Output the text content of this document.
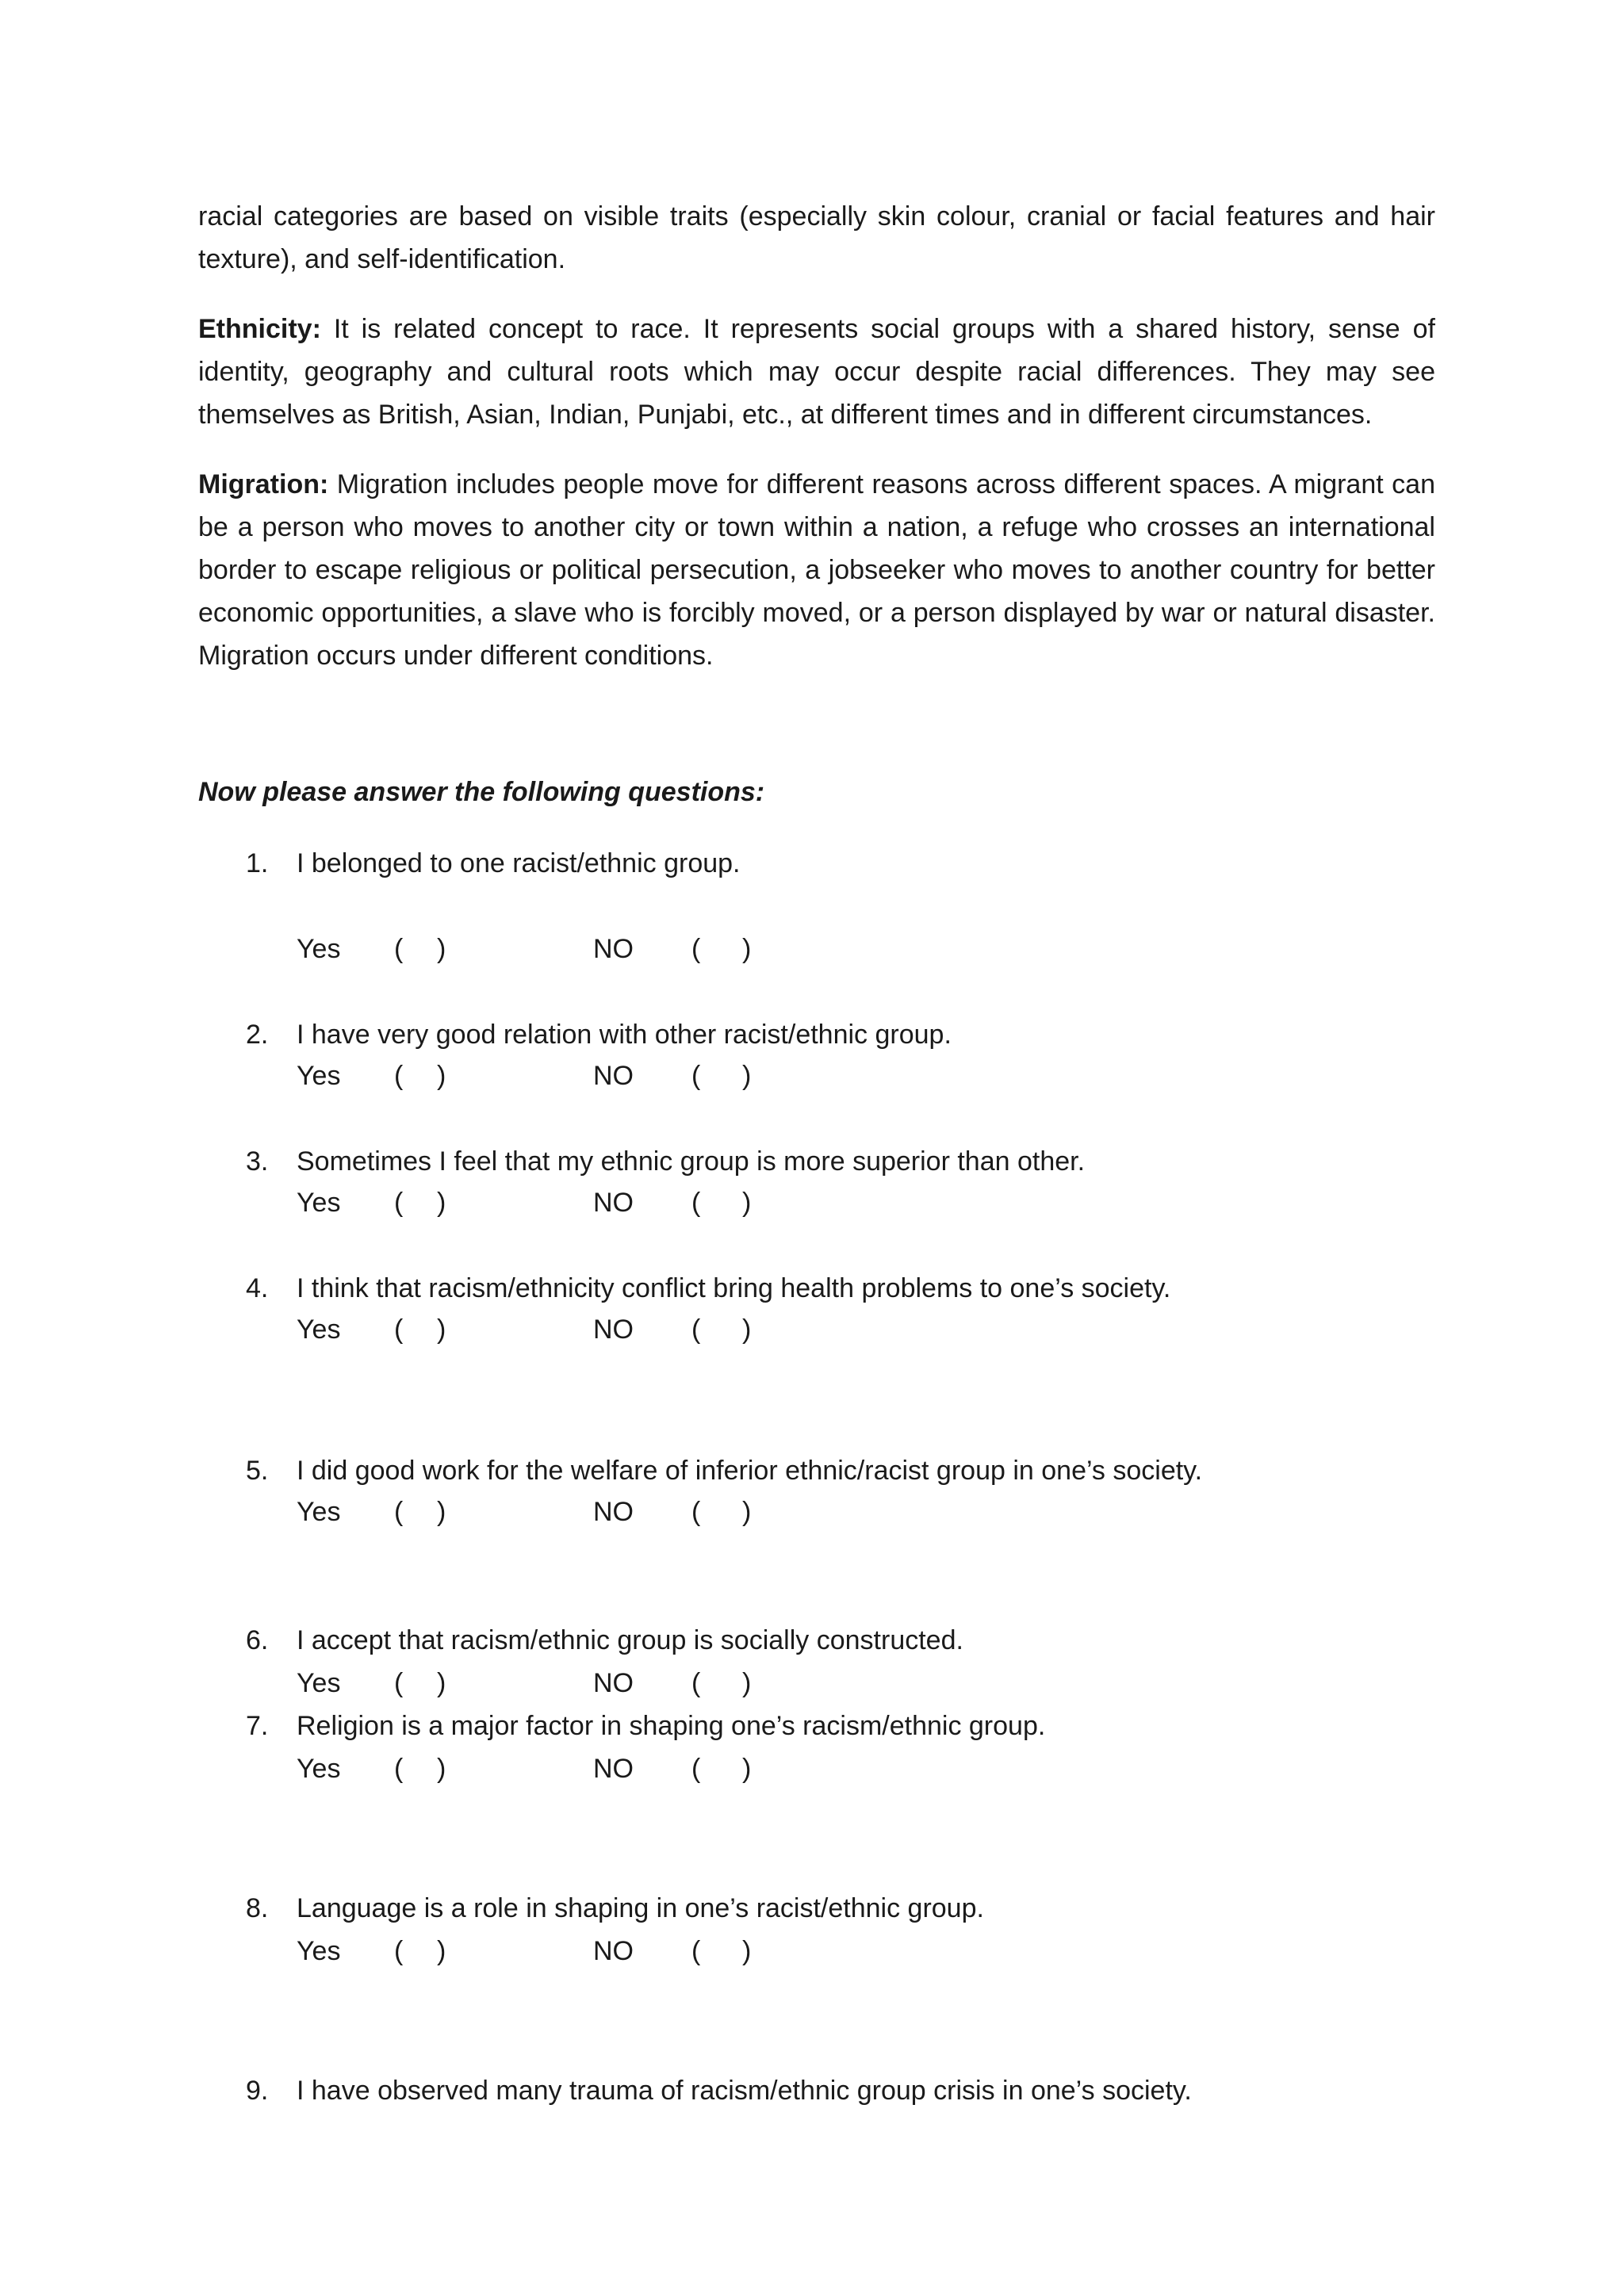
racial categories are based on visible traits (especially skin colour, cranial or facial features and hair texture), and self-identification.

Ethnicity: It is related concept to race. It represents social groups with a shared history, sense of identity, geography and cultural roots which may occur despite racial differences. They may see themselves as British, Asian, Indian, Punjabi, etc., at different times and in different circumstances.

Migration: Migration includes people move for different reasons across different spaces. A migrant can be a person who moves to another city or town within a nation, a refuge who crosses an international border to escape religious or political persecution, a jobseeker who moves to another country for better economic opportunities, a slave who is forcibly moved, or a person displayed by war or natural disaster. Migration occurs under different conditions.

Now please answer the following questions:

1.	I belonged to one racist/ethnic group.
Yes ( )	NO ( )
2.	I have very good relation with other racist/ethnic group.
Yes ( )	NO ( )
3.	Sometimes I feel that my ethnic group is more superior than other.
Yes ( )	NO ( )
4.	I think that racism/ethnicity conflict bring health problems to one’s society.
Yes ( )	NO ( )
5.	I did good work for the welfare of inferior ethnic/racist group in one’s society.
Yes ( )	NO ( )
6.	I accept that racism/ethnic group is socially constructed.
Yes ( )	NO ( )
7.	Religion is a major factor in shaping one’s racism/ethnic group.
Yes ( )	NO ( )
8.	Language is a role in shaping in one’s racist/ethnic group.
Yes ( )	NO ( )
9.	I have observed many trauma of racism/ethnic group crisis in one’s society.
